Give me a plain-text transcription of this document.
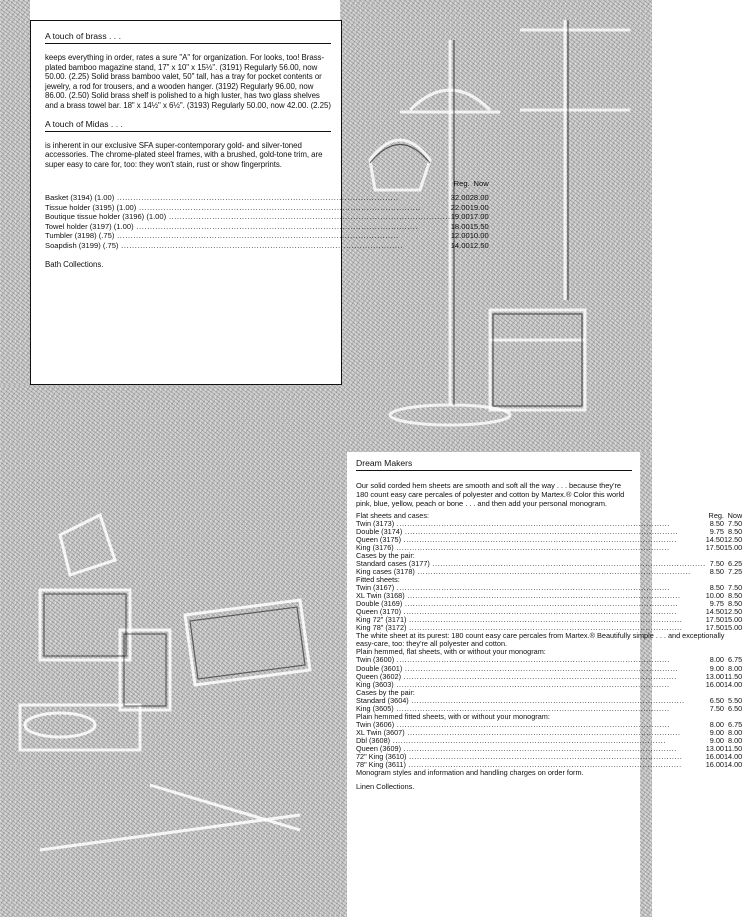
A touch of brass . . .

keeps everything in order, rates a sure "A" for organization. For looks, too! Brass-plated bamboo magazine stand, 17" x 10" x 15½". (3191) Regularly 56.00, now 50.00. (2.25) Solid brass bamboo valet, 50" tall, has a tray for pocket contents or jewelry, a rod for trousers, and a wooden hanger. (3192) Regularly 96.00, now 86.00. (2.50) Solid brass shelf is polished to a high luster, has two glass shelves and a brass towel bar. 18" x 14½" x 6½". (3193) Regularly 50.00, now 42.00. (2.25)

A touch of Midas . . .

is inherent in our exclusive SFA super-contemporary gold- and silver-toned accessories. The chrome-plated steel frames, with a brushed, gold-tone trim, are super easy to care for, too: they won't stain, rust or show fingerprints.

	Reg.	Now

Basket (3194) (1.00) .....	32.00	28.00

Tissue holder (3195) (1.00) .....	22.00	19.00

Boutique tissue holder (3196) (1.00) .....	19.00	17.00

Towel holder (3197) (1.00) .....	18.00	15.50

Tumbler (3198) (.75) .....	12.00	10.00

Soapdish (3199) (.75) .....	14.00	12.50

Bath Collections.

Dream Makers

Our solid corded hem sheets are smooth and soft all the way . . . because they're 180 count easy care percales of polyester and cotton by Martex.® Color this world pink, blue, yellow, peach or bone . . . and then add your personal monogram.

Flat sheets and cases:	Reg.	Now

Twin (3173) .....	8.50	7.50

Double (3174) .....	9.75	8.50

Queen (3175) .....	14.50	12.50

King (3176) .....	17.50	15.00

Cases by the pair:		

Standard cases (3177) .....	7.50	6.25

King cases (3178) .....	8.50	7.25

Fitted sheets:		

Twin (3167) .....	8.50	7.50

XL Twin (3168) .....	10.00	8.50

Double (3169) .....	9.75	8.50

Queen (3170) .....	14.50	12.50

King 72" (3171) .....	17.50	15.00

King 78" (3172) .....	17.50	15.00
The white sheet at its purest: 180 count easy care percales from Martex.® Beautifully simple . . . and exceptionally easy-care, too: they're all polyester and cotton.		
Plain hemmed, flat sheets, with or without your monogram:		

Twin (3600) .....	8.00	6.75

Double (3601) .....	9.00	8.00

Queen (3602) .....	13.00	11.50

King (3603) .....	16.00	14.00

Cases by the pair:		

Standard (3604) .....	6.50	5.50

King (3605) .....	7.50	6.50
Plain hemmed fitted sheets, with or without your monogram:		

Twin (3606) .....	8.00	6.75

XL Twin (3607) .....	9.00	8.00

Dbl (3608) .....	9.00	8.00

Queen (3609) .....	13.00	11.50

72" King (3610) .....	16.00	14.00

78" King (3611) .....	16.00	14.00
Monogram styles and information and handling charges on order form.		

Linen Collections.
